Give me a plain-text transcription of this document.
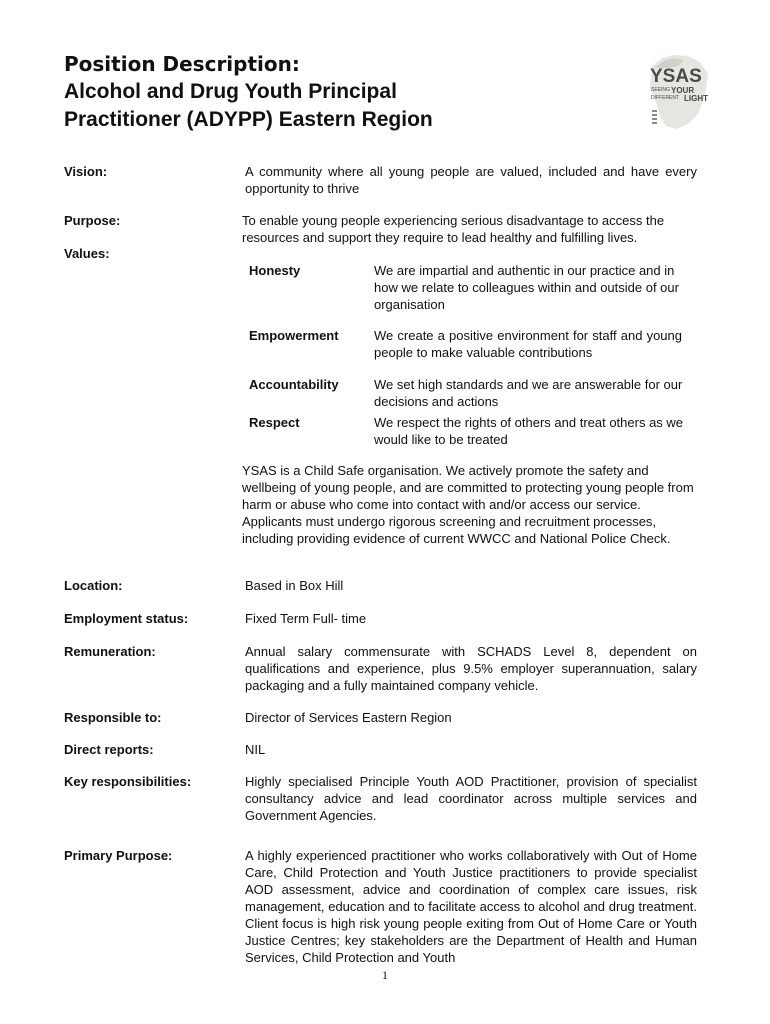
Position Description:
Alcohol and Drug Youth Principal
Practitioner (ADYPP) Eastern Region
YSAS
SEEING YOUR
DIFFERENT LIGHT
Vision:	A community where all young people are valued, included and have every opportunity to thrive
Purpose:	To enable young people experiencing serious disadvantage to access the resources and support they require to lead healthy and fulfilling lives.
Values:
Honesty	We are impartial and authentic in our practice and in how we relate to colleagues within and outside of our organisation
Empowerment	We create a positive environment for staff and young people to make valuable contributions
Accountability	We set high standards and we are answerable for our decisions and actions
Respect	We respect the rights of others and treat others as we would like to be treated
YSAS is a Child Safe organisation. We actively promote the safety and wellbeing of young people, and are committed to protecting young people from harm or abuse who come into contact with and/or access our service. Applicants must undergo rigorous screening and recruitment processes, including providing evidence of current WWCC and National Police Check.
Location:	Based in Box Hill
Employment status:	Fixed Term Full- time
Remuneration:	Annual salary commensurate with SCHADS Level 8, dependent on qualifications and experience, plus 9.5% employer superannuation, salary packaging and a fully maintained company vehicle.
Responsible to:	Director of Services Eastern Region
Direct reports:	NIL
Key responsibilities:	Highly specialised Principle Youth AOD Practitioner, provision of specialist consultancy advice and lead coordinator across multiple services and Government Agencies.
Primary Purpose:	A highly experienced practitioner who works collaboratively with Out of Home Care, Child Protection and Youth Justice practitioners to provide specialist AOD assessment, advice and coordination of complex care issues, risk management, education and to facilitate access to alcohol and drug treatment. Client focus is high risk young people exiting from Out of Home Care or Youth Justice Centres; key stakeholders are the Department of Health and Human Services, Child Protection and Youth
1
